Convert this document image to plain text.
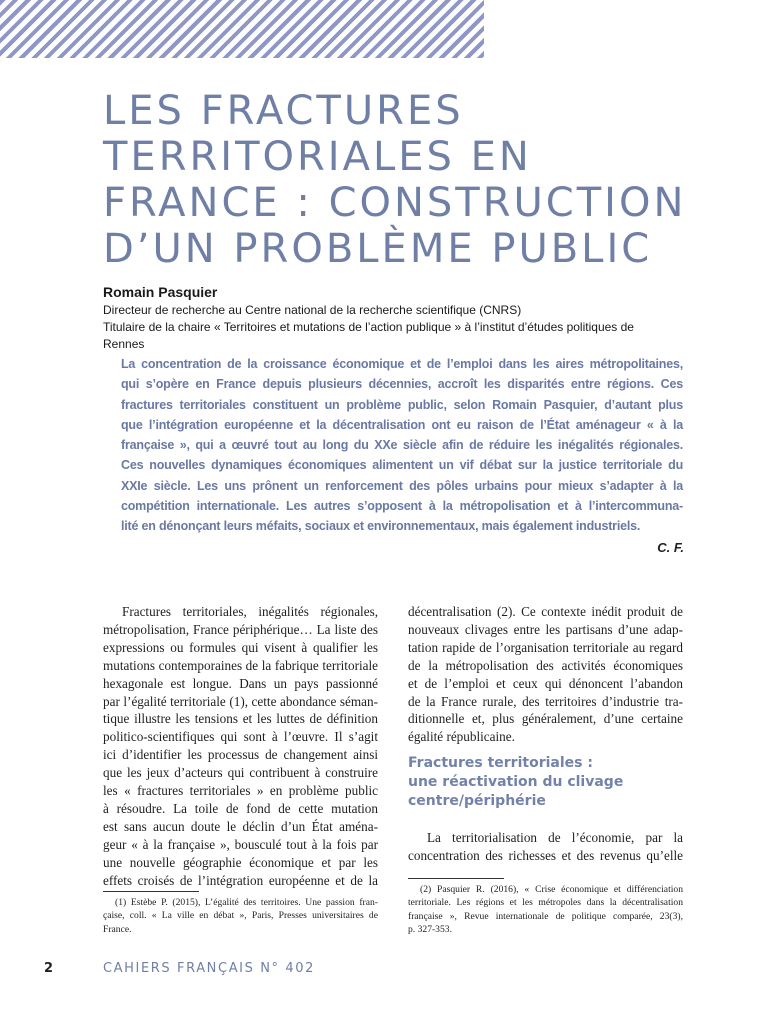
LES FRACTURES
TERRITORIALES EN
FRANCE : CONSTRUCTION
D’UN PROBLÈME PUBLIC
Romain Pasquier
Directeur de recherche au Centre national de la recherche scientifique (CNRS)
Titulaire de la chaire « Territoires et mutations de l’action publique » à l’institut d’études politiques de
Rennes
La concentration de la croissance économique et de l’emploi dans les aires métropolitaines,
qui s’opère en France depuis plusieurs décennies, accroît les disparités entre régions. Ces
fractures territoriales constituent un problème public, selon Romain Pasquier, d’autant plus
que l’intégration européenne et la décentralisation ont eu raison de l’État aménageur « à la
française », qui a œuvré tout au long du XXe siècle afin de réduire les inégalités régionales.
Ces nouvelles dynamiques économiques alimentent un vif débat sur la justice territoriale du
XXIe siècle. Les uns prônent un renforcement des pôles urbains pour mieux s’adapter à la
compétition internationale. Les autres s’opposent à la métropolisation et à l’intercommuna-
lité en dénonçant leurs méfaits, sociaux et environnementaux, mais également industriels.
C. F.
Fractures territoriales, inégalités régionales,
métropolisation, France périphérique… La liste des
expressions ou formules qui visent à qualifier les
mutations contemporaines de la fabrique territoriale
hexagonale est longue. Dans un pays passionné
par l’égalité territoriale (1), cette abondance séman-
tique illustre les tensions et les luttes de définition
politico-scientifiques qui sont à l’œuvre. Il s’agit
ici d’identifier les processus de changement ainsi
que les jeux d’acteurs qui contribuent à construire
les « fractures territoriales » en problème public
à résoudre. La toile de fond de cette mutation
est sans aucun doute le déclin d’un État aména-
geur « à la française », bousculé tout à la fois par
une nouvelle géographie économique et par les
effets croisés de l’intégration européenne et de la
décentralisation (2). Ce contexte inédit produit de
nouveaux clivages entre les partisans d’une adap-
tation rapide de l’organisation territoriale au regard
de la métropolisation des activités économiques
et de l’emploi et ceux qui dénoncent l’abandon
de la France rurale, des territoires d’industrie tra-
ditionnelle et, plus généralement, d’une certaine
égalité républicaine.
Fractures territoriales :
une réactivation du clivage
centre/périphérie
La territorialisation de l’économie, par la
concentration des richesses et des revenus qu’elle
(1) Estèbe P. (2015), L’égalité des territoires. Une passion fran-
çaise, coll. « La ville en débat », Paris, Presses universitaires de
France.
(2) Pasquier R. (2016), « Crise économique et différenciation
territoriale. Les régions et les métropoles dans la décentralisation
française », Revue internationale de politique comparée, 23(3),
p. 327-353.
2	CAHIERS FRANÇAIS N° 402
